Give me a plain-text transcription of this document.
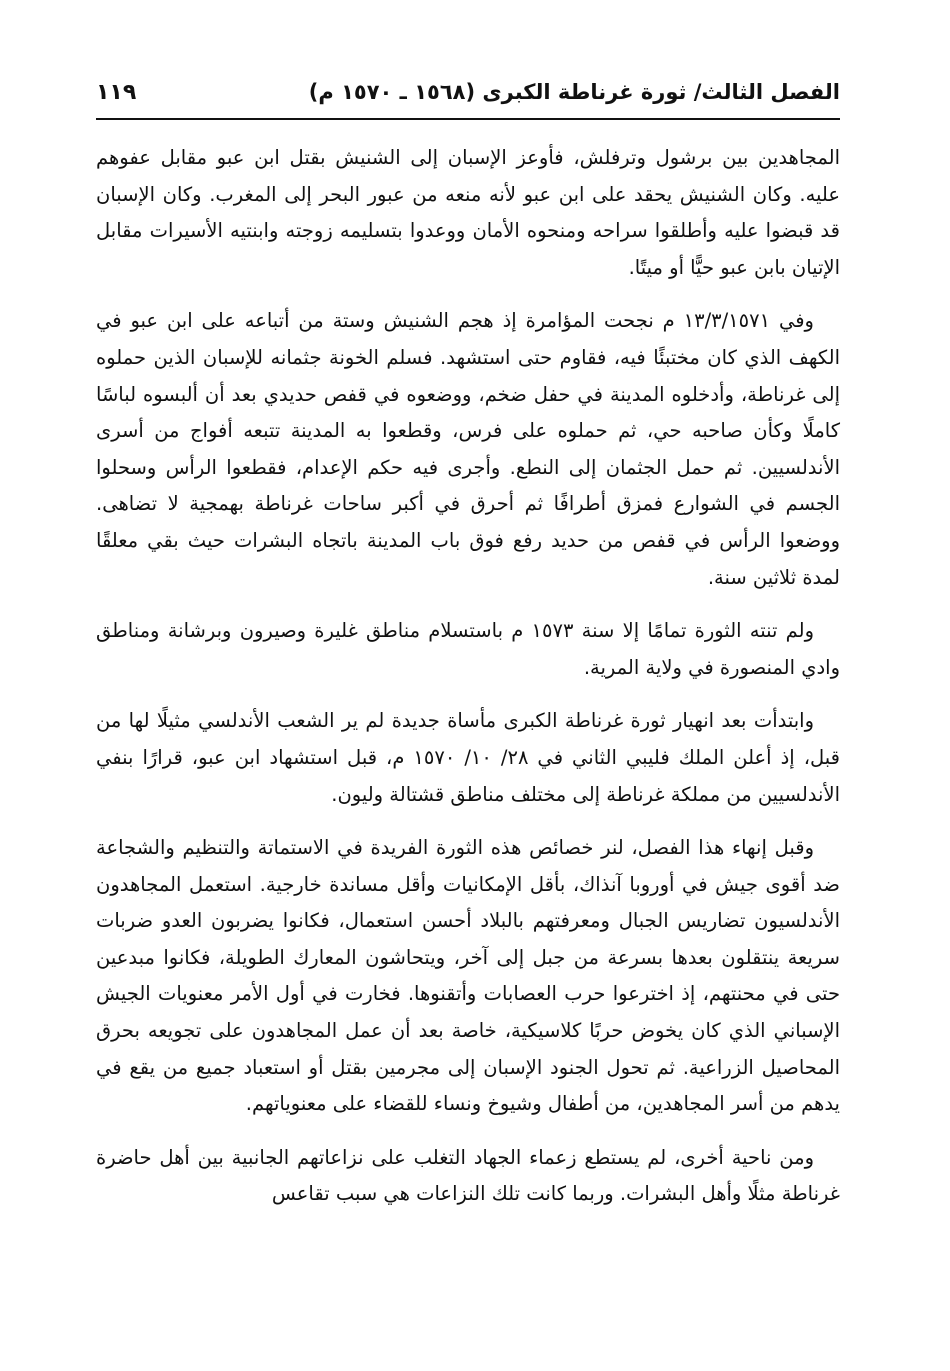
الفصل الثالث/ ثورة غرناطة الكبرى (١٥٦٨ ـ ١٥٧٠ م)
١١٩

المجاهدين بين برشول وترفلش، فأوعز الإسبان إلى الشنيش بقتل ابن عبو مقابل عفوهم عليه. وكان الشنيش يحقد على ابن عبو لأنه منعه من عبور البحر إلى المغرب. وكان الإسبان قد قبضوا عليه وأطلقوا سراحه ومنحوه الأمان ووعدوا بتسليمه زوجته وابنتيه الأسيرات مقابل الإتيان بابن عبو حيًّا أو ميتًا.

وفي ١٣/٣/١٥٧١ م نجحت المؤامرة إذ هجم الشنيش وستة من أتباعه على ابن عبو في الكهف الذي كان مختبئًا فيه، فقاوم حتى استشهد. فسلم الخونة جثمانه للإسبان الذين حملوه إلى غرناطة، وأدخلوه المدينة في حفل ضخم، ووضعوه في قفص حديدي بعد أن ألبسوه لباسًا كاملًا وكأن صاحبه حي، ثم حملوه على فرس، وقطعوا به المدينة تتبعه أفواج من أسرى الأندلسيين. ثم حمل الجثمان إلى النطع. وأجرى فيه حكم الإعدام، فقطعوا الرأس وسحلوا الجسم في الشوارع فمزق أطرافًا ثم أحرق في أكبر ساحات غرناطة بهمجية لا تضاهى. ووضعوا الرأس في قفص من حديد رفع فوق باب المدينة باتجاه البشرات حيث بقي معلقًا لمدة ثلاثين سنة.

ولم تنته الثورة تمامًا إلا سنة ١٥٧٣ م باستسلام مناطق غليرة وصيرون وبرشانة ومناطق وادي المنصورة في ولاية المرية.

وابتدأت بعد انهيار ثورة غرناطة الكبرى مأساة جديدة لم ير الشعب الأندلسي مثيلًا لها من قبل، إذ أعلن الملك فليبي الثاني في ٢٨/ ١٠/ ١٥٧٠ م، قبل استشهاد ابن عبو، قرارًا بنفي الأندلسيين من مملكة غرناطة إلى مختلف مناطق قشتالة وليون.

وقبل إنهاء هذا الفصل، لنر خصائص هذه الثورة الفريدة في الاستماتة والتنظيم والشجاعة ضد أقوى جيش في أوروبا آنذاك، بأقل الإمكانيات وأقل مساندة خارجية. استعمل المجاهدون الأندلسيون تضاريس الجبال ومعرفتهم بالبلاد أحسن استعمال، فكانوا يضربون العدو ضربات سريعة ينتقلون بعدها بسرعة من جبل إلى آخر، ويتحاشون المعارك الطويلة، فكانوا مبدعين حتى في محنتهم، إذ اخترعوا حرب العصابات وأتقنوها. فخارت في أول الأمر معنويات الجيش الإسباني الذي كان يخوض حربًا كلاسيكية، خاصة بعد أن عمل المجاهدون على تجويعه بحرق المحاصيل الزراعية. ثم تحول الجنود الإسبان إلى مجرمين بقتل أو استعباد جميع من يقع في يدهم من أسر المجاهدين، من أطفال وشيوخ ونساء للقضاء على معنوياتهم.

ومن ناحية أخرى، لم يستطع زعماء الجهاد التغلب على نزاعاتهم الجانبية بين أهل حاضرة غرناطة مثلًا وأهل البشرات. وربما كانت تلك النزاعات هي سبب تقاعس
